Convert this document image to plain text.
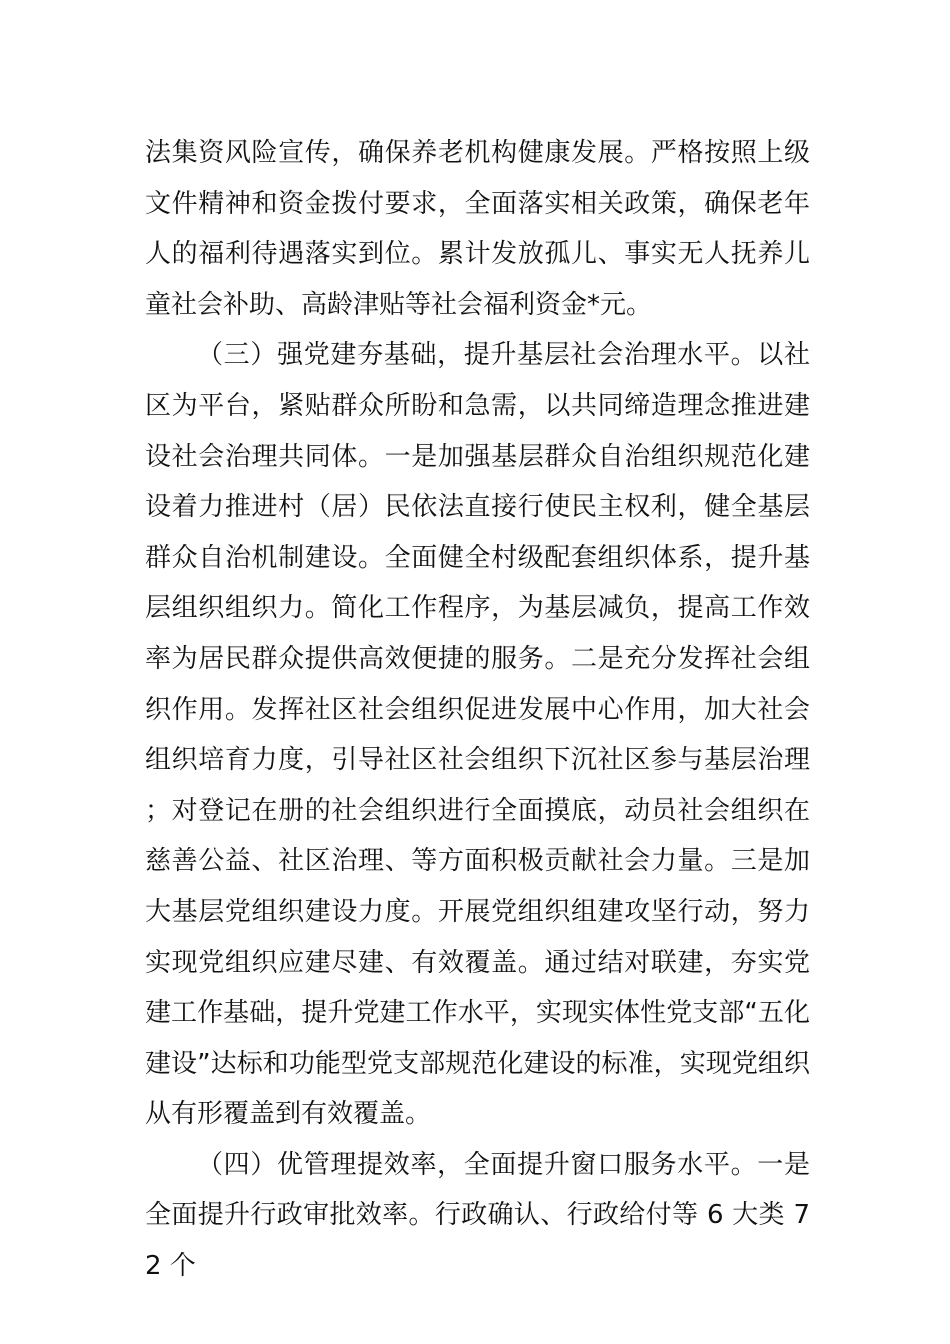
法集资风险宣传，确保养老机构健康发展。严格按照上级文件精神和资金拨付要求，全面落实相关政策，确保老年人的福利待遇落实到位。累计发放孤儿、事实无人抚养儿童社会补助、高龄津贴等社会福利资金*元。

（三）强党建夯基础，提升基层社会治理水平。以社区为平台，紧贴群众所盼和急需，以共同缔造理念推进建设社会治理共同体。一是加强基层群众自治组织规范化建设着力推进村（居）民依法直接行使民主权利，健全基层群众自治机制建设。全面健全村级配套组织体系，提升基层组织组织力。简化工作程序，为基层减负，提高工作效率为居民群众提供高效便捷的服务。二是充分发挥社会组织作用。发挥社区社会组织促进发展中心作用，加大社会组织培育力度，引导社区社会组织下沉社区参与基层治理；对登记在册的社会组织进行全面摸底，动员社会组织在慈善公益、社区治理、等方面积极贡献社会力量。三是加大基层党组织建设力度。开展党组织组建攻坚行动，努力实现党组织应建尽建、有效覆盖。通过结对联建，夯实党建工作基础，提升党建工作水平，实现实体性党支部“五化建设”达标和功能型党支部规范化建设的标准，实现党组织从有形覆盖到有效覆盖。

（四）优管理提效率，全面提升窗口服务水平。一是全面提升行政审批效率。行政确认、行政给付等 6 大类 72 个
